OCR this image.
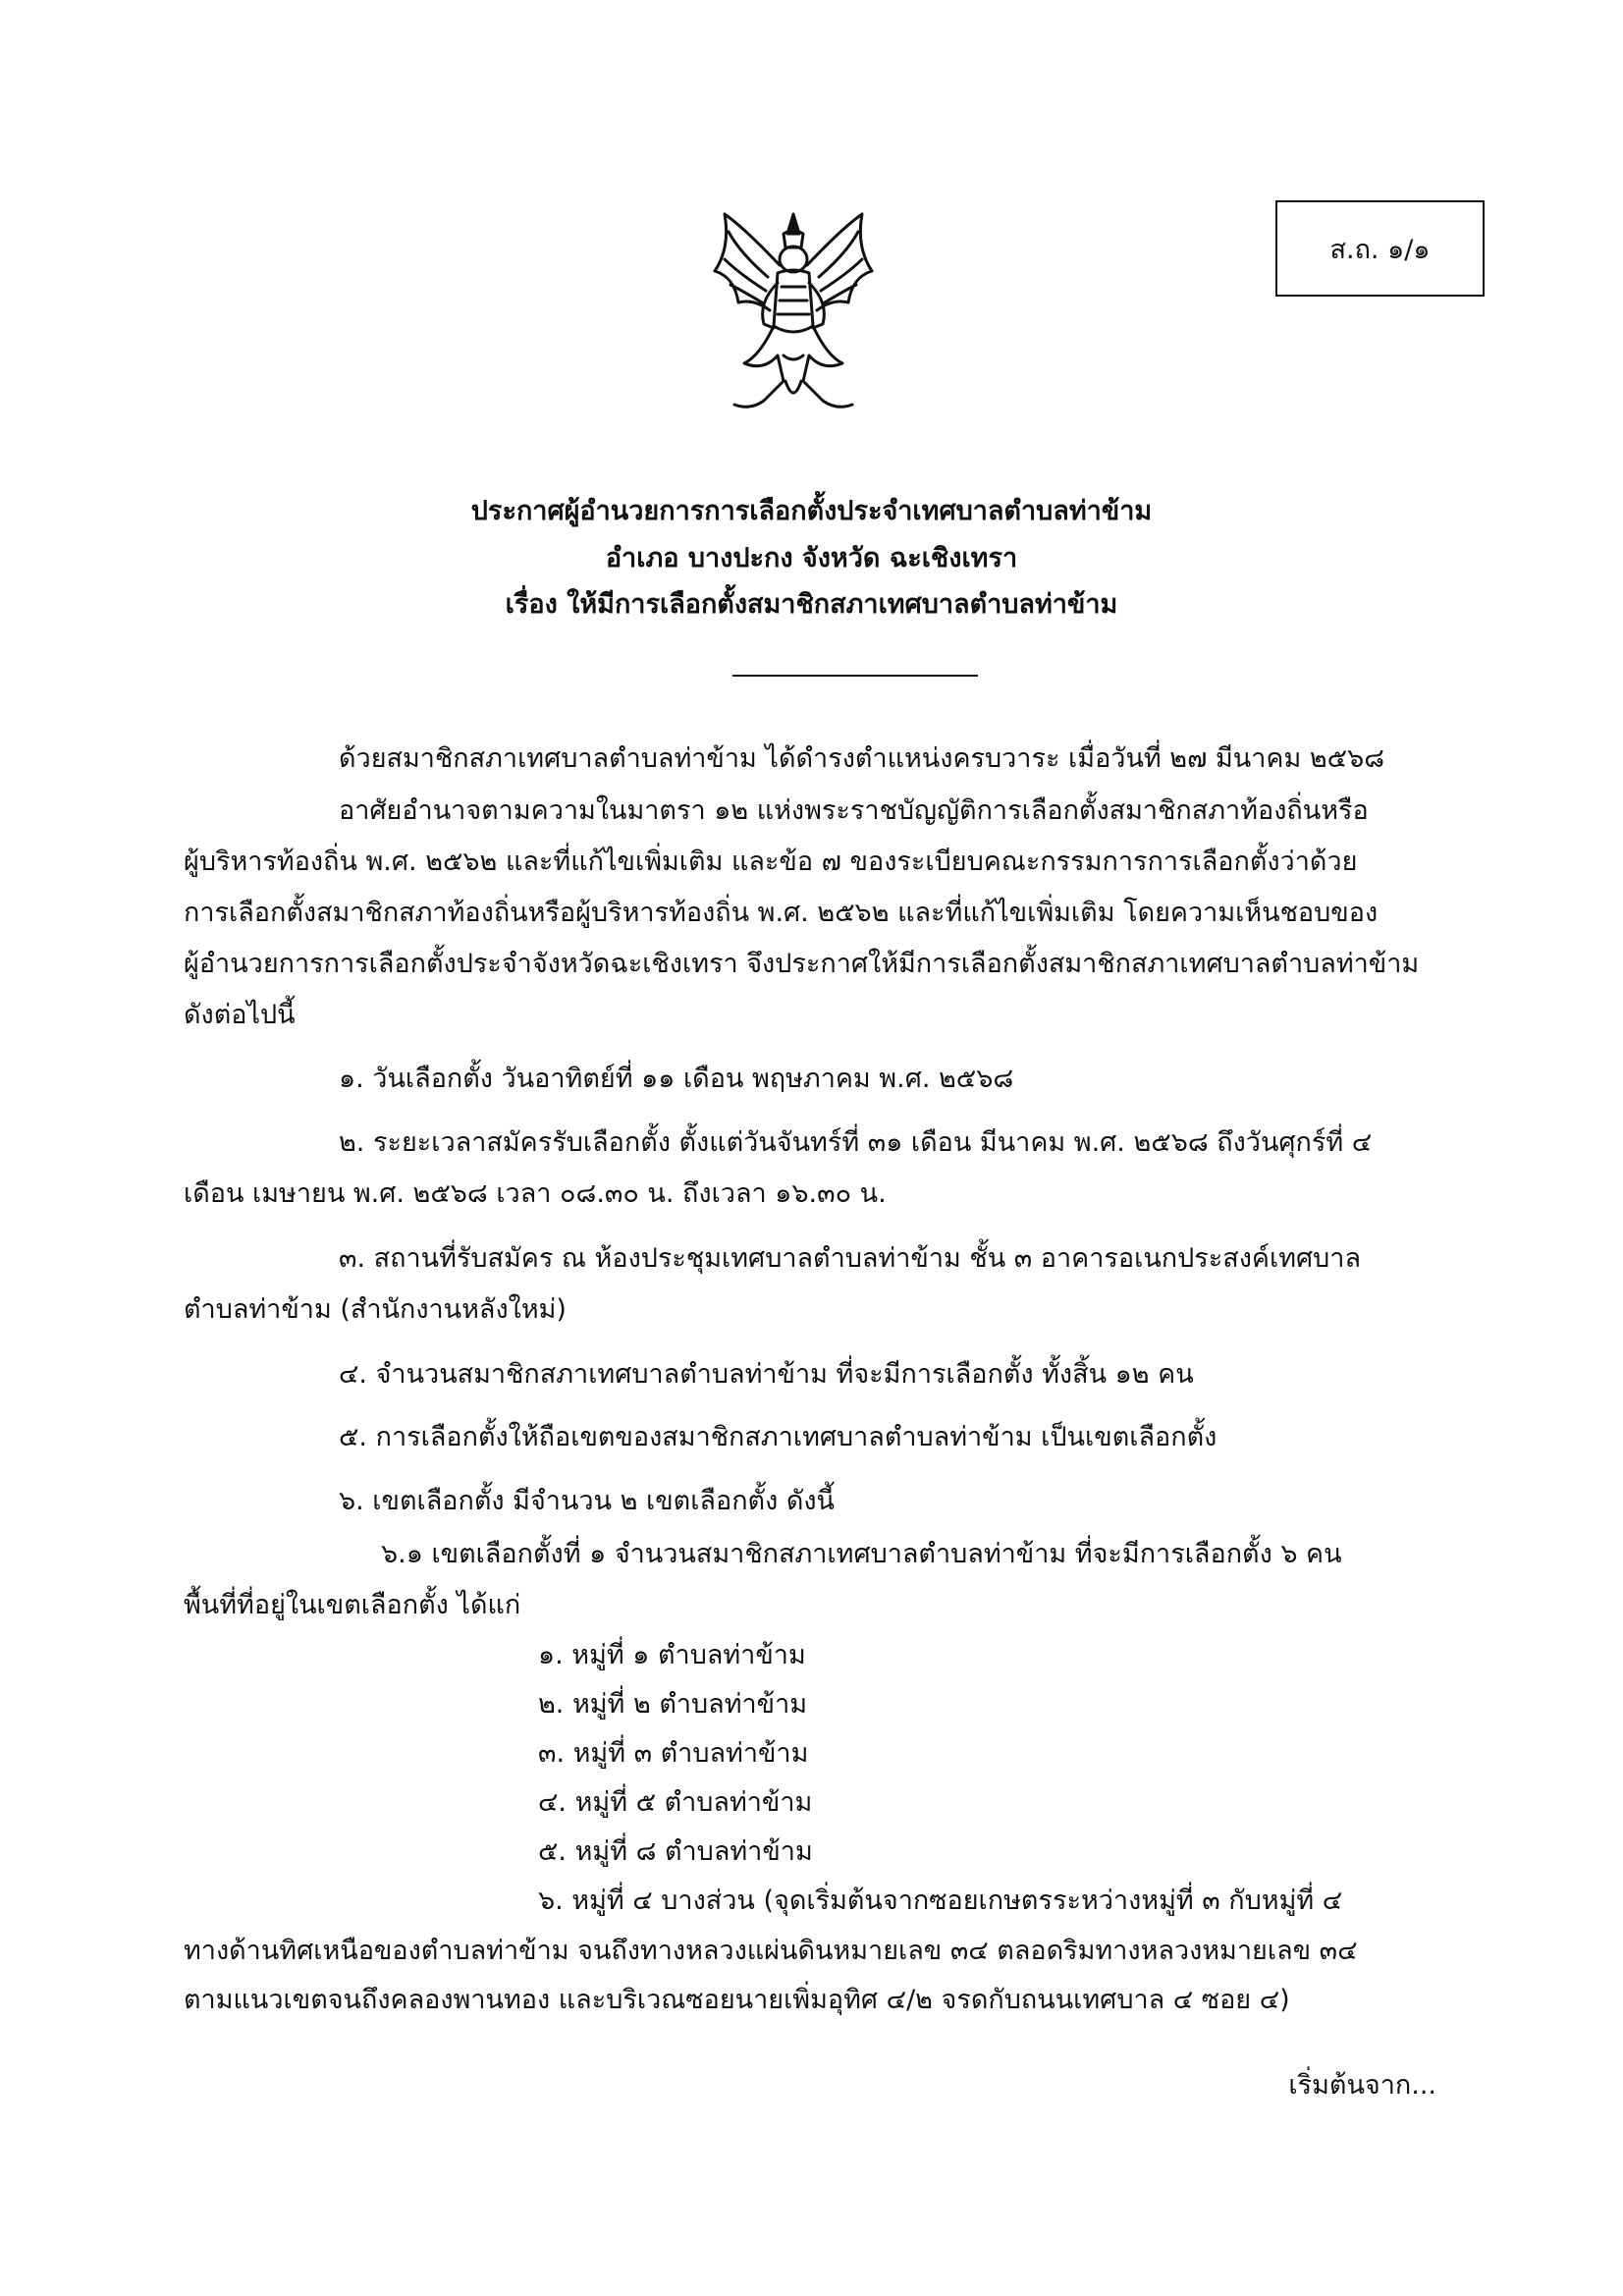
ส.ถ. ๑/๑
ประกาศผู้อำนวยการการเลือกตั้งประจำเทศบาลตำบลท่าข้าม
อำเภอ บางปะกง จังหวัด ฉะเชิงเทรา
เรื่อง ให้มีการเลือกตั้งสมาชิกสภาเทศบาลตำบลท่าข้าม
ด้วยสมาชิกสภาเทศบาลตำบลท่าข้าม ได้ดำรงตำแหน่งครบวาระ เมื่อวันที่ ๒๗ มีนาคม ๒๕๖๘
อาศัยอำนาจตามความในมาตรา ๑๒ แห่งพระราชบัญญัติการเลือกตั้งสมาชิกสภาท้องถิ่นหรือ
ผู้บริหารท้องถิ่น พ.ศ. ๒๕๖๒ และที่แก้ไขเพิ่มเติม และข้อ ๗ ของระเบียบคณะกรรมการการเลือกตั้งว่าด้วย
การเลือกตั้งสมาชิกสภาท้องถิ่นหรือผู้บริหารท้องถิ่น พ.ศ. ๒๕๖๒ และที่แก้ไขเพิ่มเติม โดยความเห็นชอบของ
ผู้อำนวยการการเลือกตั้งประจำจังหวัดฉะเชิงเทรา จึงประกาศให้มีการเลือกตั้งสมาชิกสภาเทศบาลตำบลท่าข้าม
ดังต่อไปนี้
๑. วันเลือกตั้ง วันอาทิตย์ที่ ๑๑ เดือน พฤษภาคม พ.ศ. ๒๕๖๘
๒. ระยะเวลาสมัครรับเลือกตั้ง ตั้งแต่วันจันทร์ที่ ๓๑ เดือน มีนาคม พ.ศ. ๒๕๖๘ ถึงวันศุกร์ที่ ๔
เดือน เมษายน พ.ศ. ๒๕๖๘ เวลา ๐๘.๓๐ น. ถึงเวลา ๑๖.๓๐ น.
๓. สถานที่รับสมัคร ณ ห้องประชุมเทศบาลตำบลท่าข้าม ชั้น ๓ อาคารอเนกประสงค์เทศบาล
ตำบลท่าข้าม (สำนักงานหลังใหม่)
๔. จำนวนสมาชิกสภาเทศบาลตำบลท่าข้าม ที่จะมีการเลือกตั้ง ทั้งสิ้น ๑๒ คน
๕. การเลือกตั้งให้ถือเขตของสมาชิกสภาเทศบาลตำบลท่าข้าม เป็นเขตเลือกตั้ง
๖. เขตเลือกตั้ง มีจำนวน ๒ เขตเลือกตั้ง ดังนี้
๖.๑ เขตเลือกตั้งที่ ๑ จำนวนสมาชิกสภาเทศบาลตำบลท่าข้าม ที่จะมีการเลือกตั้ง ๖ คน
พื้นที่ที่อยู่ในเขตเลือกตั้ง ได้แก่
๑. หมู่ที่ ๑ ตำบลท่าข้าม
๒. หมู่ที่ ๒ ตำบลท่าข้าม
๓. หมู่ที่ ๓ ตำบลท่าข้าม
๔. หมู่ที่ ๕ ตำบลท่าข้าม
๕. หมู่ที่ ๘ ตำบลท่าข้าม
๖. หมู่ที่ ๔ บางส่วน (จุดเริ่มต้นจากซอยเกษตรระหว่างหมู่ที่ ๓ กับหมู่ที่ ๔
ทางด้านทิศเหนือของตำบลท่าข้าม จนถึงทางหลวงแผ่นดินหมายเลข ๓๔ ตลอดริมทางหลวงหมายเลข ๓๔
ตามแนวเขตจนถึงคลองพานทอง และบริเวณซอยนายเพิ่มอุทิศ ๔/๒ จรดกับถนนเทศบาล ๔ ซอย ๔)
เริ่มต้นจาก...
